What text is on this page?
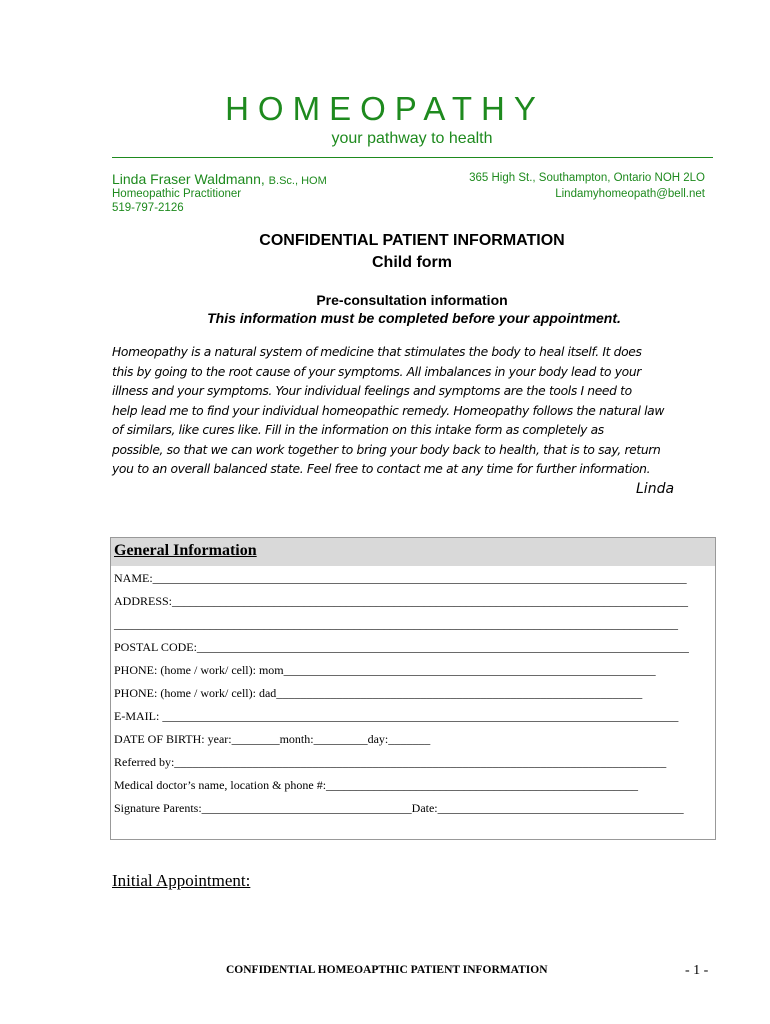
HOMEOPATHY
your pathway to health
Linda Fraser Waldmann, B.Sc., HOM
Homeopathic Practitioner
519-797-2126
365 High St., Southampton, Ontario NOH 2LO
Lindamyhomeopath@bell.net
CONFIDENTIAL PATIENT INFORMATION
Child form
Pre-consultation information
This information must be completed before your appointment.
Homeopathy is a natural system of medicine that stimulates the body to heal itself. It does
this by going to the root cause of your symptoms. All imbalances in your body lead to your
illness and your symptoms. Your individual feelings and symptoms are the tools I need to
help lead me to find your individual homeopathic remedy. Homeopathy follows the natural law
of similars, like cures like. Fill in the information on this intake form as completely as
possible, so that we can work together to bring your body back to health, that is to say, return
you to an overall balanced state. Feel free to contact me at any time for further information.
Linda
General Information
NAME:_________________________________________________________________________________________
ADDRESS:______________________________________________________________________________________
______________________________________________________________________________________________
POSTAL CODE:__________________________________________________________________________________
PHONE: (home / work/ cell): mom______________________________________________________________
PHONE: (home / work/ cell): dad_____________________________________________________________
E-MAIL: ______________________________________________________________________________________
DATE OF BIRTH: year:________month:_________day:_______
Referred by:__________________________________________________________________________________
Medical doctor’s name, location & phone #:____________________________________________________
Signature Parents:___________________________________Date:_________________________________________
Initial Appointment:
CONFIDENTIAL HOMEOAPTHIC PATIENT INFORMATION	- 1 -
